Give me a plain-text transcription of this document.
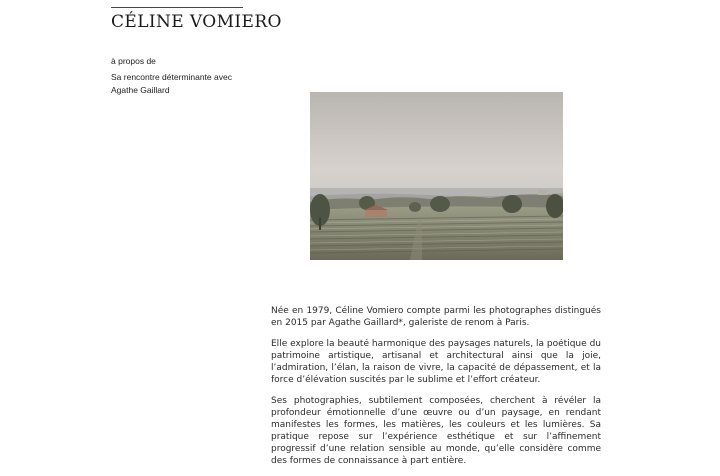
CÉLINE VOMIERO
à propos de
Sa rencontre déterminante avec Agathe Gaillard

Née en 1979, Céline Vomiero compte parmi les photographes distingués en 2015 par Agathe Gaillard*, galeriste de renom à Paris.

Elle explore la beauté harmonique des paysages naturels, la poétique du patrimoine artistique, artisanal et architectural ainsi que la joie, l’admiration, l’élan, la raison de vivre, la capacité de dépassement, et la force d’élévation suscités par le sublime et l’effort créateur.

Ses photographies, subtilement composées, cherchent à révéler la profondeur émotionnelle d’une œuvre ou d’un paysage, en rendant manifestes les formes, les matières, les couleurs et les lumières. Sa pratique repose sur l’expérience esthétique et sur l’affinement progressif d’une relation sensible au monde, qu’elle considère comme des formes de connaissance à part entière.
